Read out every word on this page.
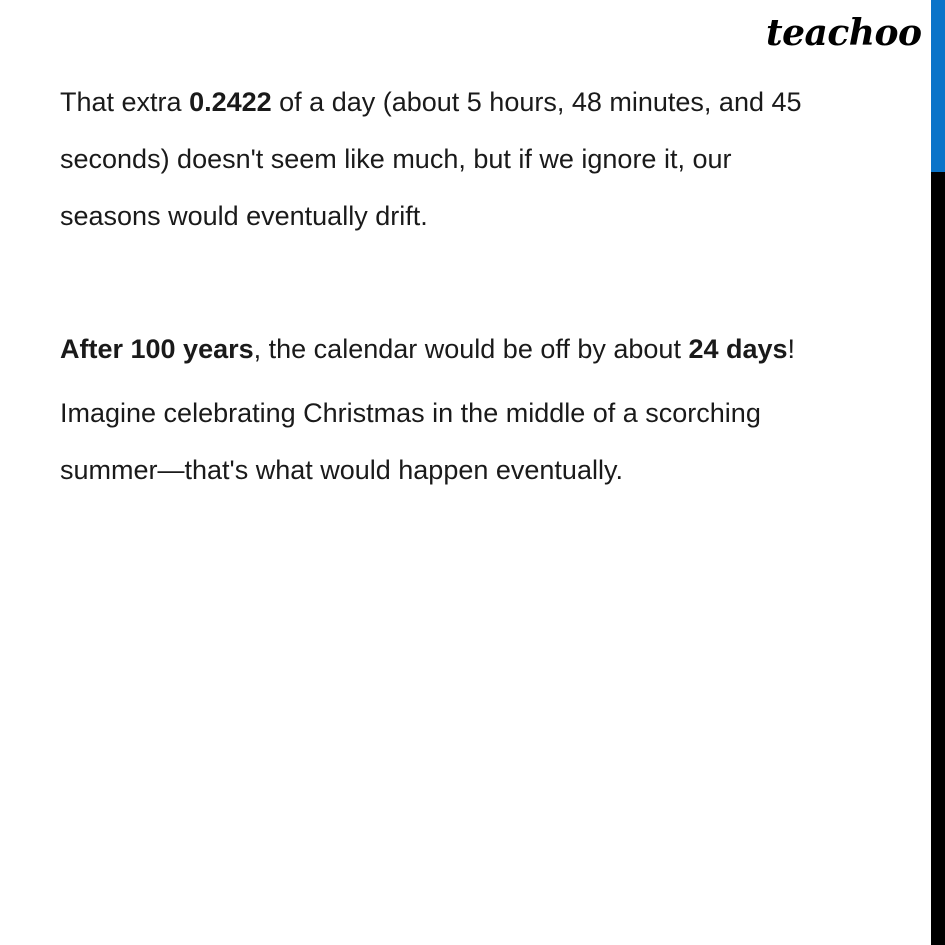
teachoo
That extra 0.2422 of a day (about 5 hours, 48 minutes, and 45
seconds) doesn't seem like much, but if we ignore it, our
seasons would eventually drift.
After 100 years, the calendar would be off by about 24 days!
Imagine celebrating Christmas in the middle of a scorching
summer—that's what would happen eventually.
